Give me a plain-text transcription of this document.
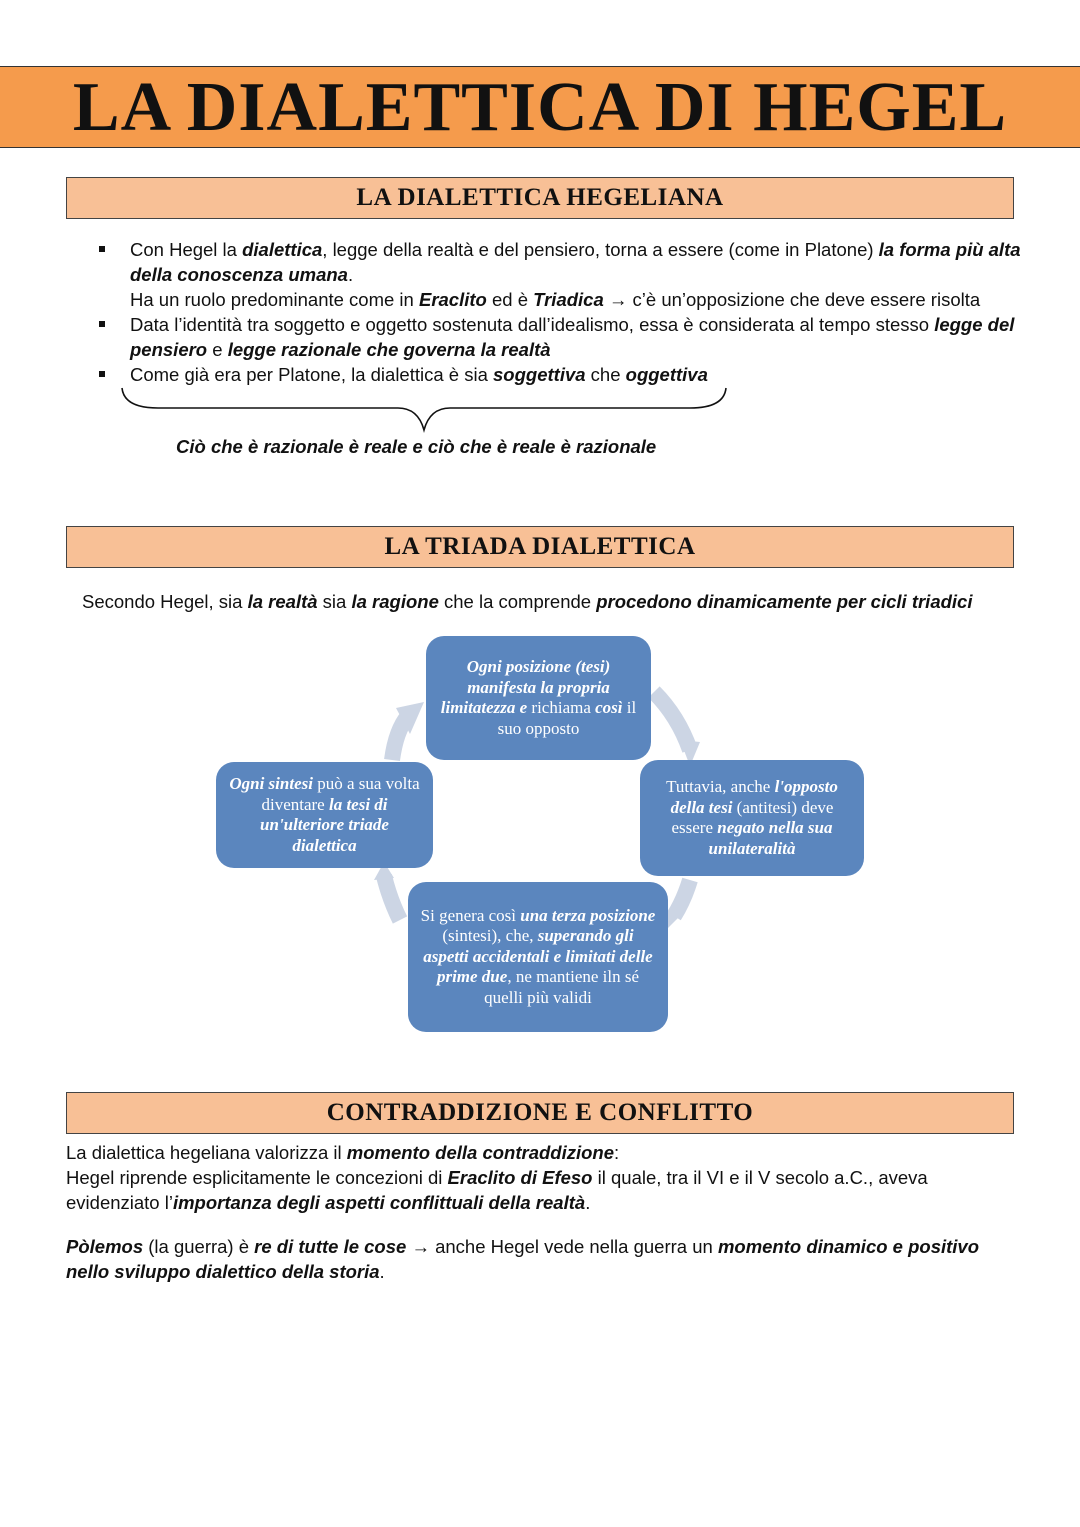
LA DIALETTICA DI HEGEL
LA DIALETTICA HEGELIANA
Con Hegel la dialettica, legge della realtà e del pensiero, torna a essere (come in Platone) la forma più alta della conoscenza umana.
Ha un ruolo predominante come in Eraclito ed è Triadica → c’è un’opposizione che deve essere risolta
Data l’identità tra soggetto e oggetto sostenuta dall’idealismo, essa è considerata al tempo stesso legge del pensiero e legge razionale che governa la realtà
Come già era per Platone, la dialettica è sia soggettiva che oggettiva
Ciò che è razionale è reale e ciò che è reale è razionale
LA TRIADA DIALETTICA
Secondo Hegel, sia la realtà sia la ragione che la comprende procedono dinamicamente per cicli triadici
Ogni posizione (tesi) manifesta la propria limitatezza e richiama così il suo opposto
Tuttavia, anche l'opposto della tesi (antitesi) deve essere negato nella sua unilateralità
Si genera così una terza posizione (sintesi), che, superando gli aspetti accidentali e limitati delle prime due, ne mantiene iln sé quelli più validi
Ogni sintesi può a sua volta diventare la tesi di un'ulteriore triade dialettica
CONTRADDIZIONE E CONFLITTO
La dialettica hegeliana valorizza il momento della contraddizione:
Hegel riprende esplicitamente le concezioni di Eraclito di Efeso il quale, tra il VI e il V secolo a.C., aveva evidenziato l’importanza degli aspetti conflittuali della realtà.
Pòlemos (la guerra) è re di tutte le cose → anche Hegel vede nella guerra un momento dinamico e positivo nello sviluppo dialettico della storia.
